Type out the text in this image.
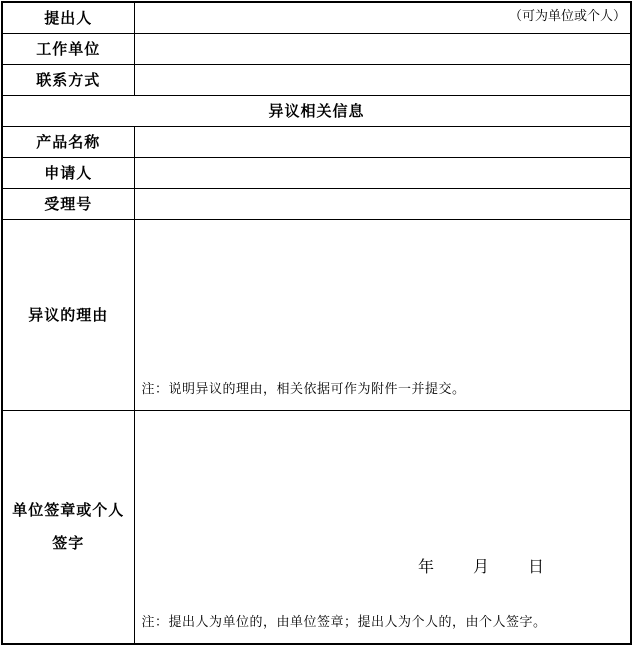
提出人	（可为单位或个人）
工作单位	
联系方式	
异议相关信息	
产品名称	
申请人	
受理号	
异议的理由	注：说明异议的理由，相关依据可作为附件一并提交。

单位签章或个人
签字	年 月 日
注：提出人为单位的，由单位签章；提出人为个人的，由个人签字。
